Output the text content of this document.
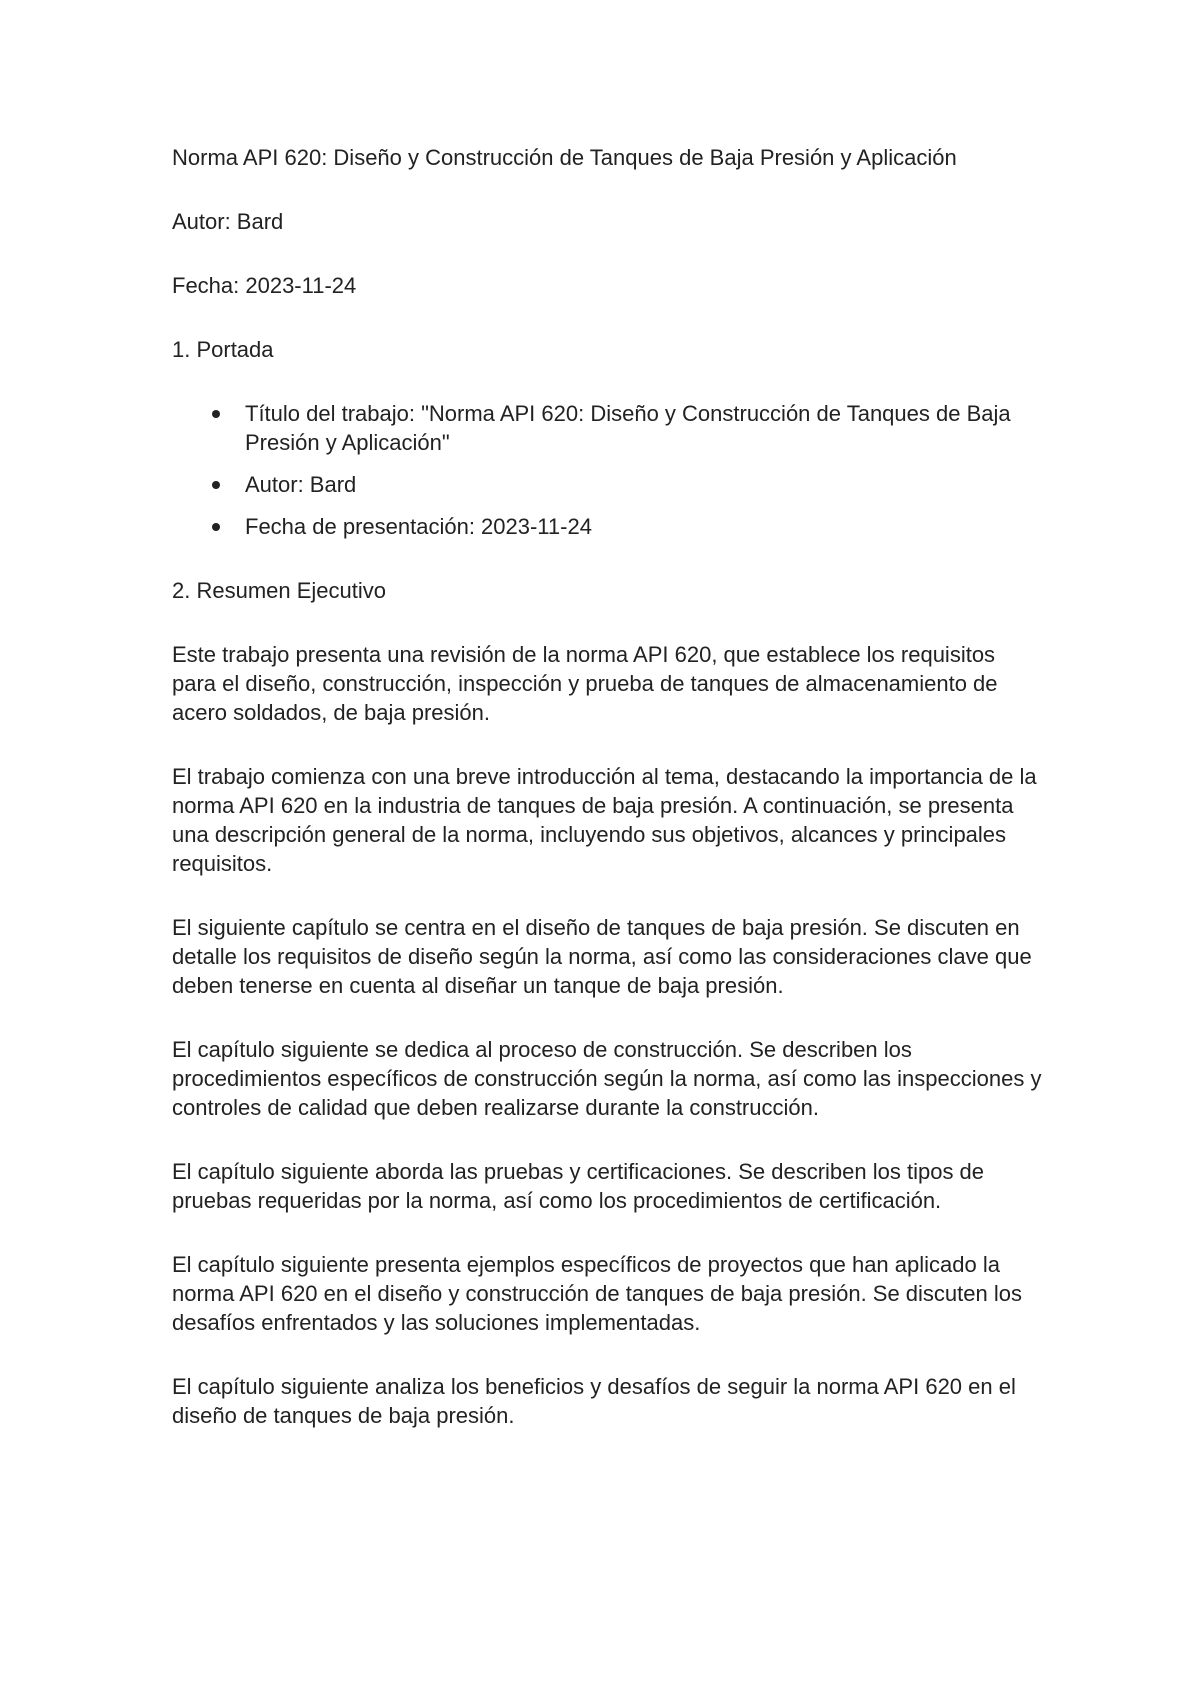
Norma API 620: Diseño y Construcción de Tanques de Baja Presión y Aplicación

Autor: Bard

Fecha: 2023-11-24

1. Portada

Título del trabajo: "Norma API 620: Diseño y Construcción de Tanques de Baja Presión y Aplicación"
Autor: Bard
Fecha de presentación: 2023-11-24

2. Resumen Ejecutivo

Este trabajo presenta una revisión de la norma API 620, que establece los requisitos para el diseño, construcción, inspección y prueba de tanques de almacenamiento de acero soldados, de baja presión.

El trabajo comienza con una breve introducción al tema, destacando la importancia de la norma API 620 en la industria de tanques de baja presión. A continuación, se presenta una descripción general de la norma, incluyendo sus objetivos, alcances y principales requisitos.

El siguiente capítulo se centra en el diseño de tanques de baja presión. Se discuten en detalle los requisitos de diseño según la norma, así como las consideraciones clave que deben tenerse en cuenta al diseñar un tanque de baja presión.

El capítulo siguiente se dedica al proceso de construcción. Se describen los procedimientos específicos de construcción según la norma, así como las inspecciones y controles de calidad que deben realizarse durante la construcción.

El capítulo siguiente aborda las pruebas y certificaciones. Se describen los tipos de pruebas requeridas por la norma, así como los procedimientos de certificación.

El capítulo siguiente presenta ejemplos específicos de proyectos que han aplicado la norma API 620 en el diseño y construcción de tanques de baja presión. Se discuten los desafíos enfrentados y las soluciones implementadas.

El capítulo siguiente analiza los beneficios y desafíos de seguir la norma API 620 en el diseño de tanques de baja presión.
